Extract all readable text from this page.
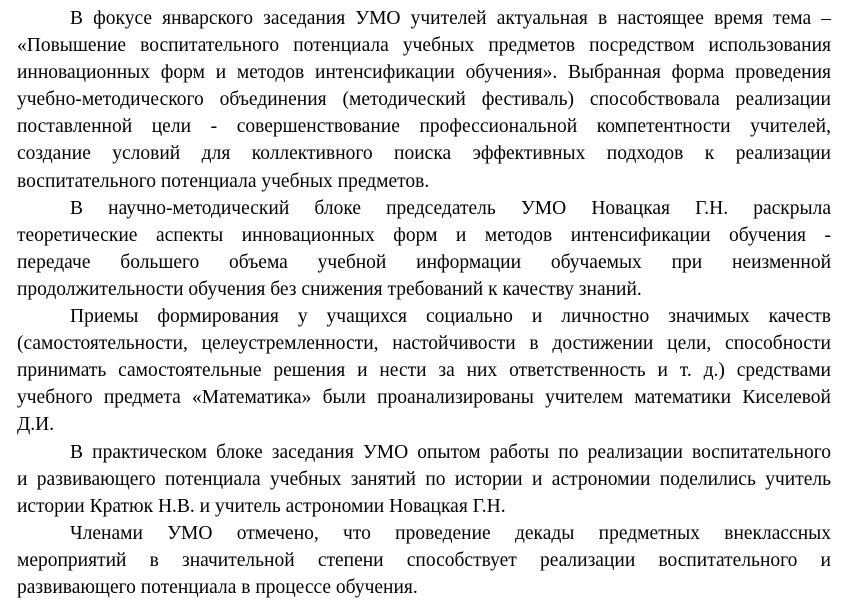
В фокусе январского заседания УМО учителей актуальная в настоящее время тема –
«Повышение воспитательного потенциала учебных предметов посредством использования
инновационных форм и методов интенсификации обучения». Выбранная форма проведения
учебно-методического объединения (методический фестиваль) способствовала реализации
поставленной цели - совершенствование профессиональной компетентности учителей,
создание условий для коллективного поиска эффективных подходов к реализации
воспитательного потенциала учебных предметов.
В научно-методический блоке председатель УМО Новацкая Г.Н. раскрыла
теоретические аспекты инновационных форм и методов интенсификации обучения -
передаче большего объема учебной информации обучаемых при неизменной
продолжительности обучения без снижения требований к качеству знаний.
Приемы формирования у учащихся социально и личностно значимых качеств
(самостоятельности, целеустремленности, настойчивости в достижении цели, способности
принимать самостоятельные решения и нести за них ответственность и т. д.) средствами
учебного предмета «Математика» были проанализированы учителем математики Киселевой
Д.И.
В практическом блоке заседания УМО опытом работы по реализации воспитательного
и развивающего потенциала учебных занятий по истории и астрономии поделились учитель
истории Кратюк Н.В. и учитель астрономии Новацкая Г.Н.
Членами УМО отмечено, что проведение декады предметных внеклассных
мероприятий в значительной степени способствует реализации воспитательного и
развивающего потенциала в процессе обучения.
